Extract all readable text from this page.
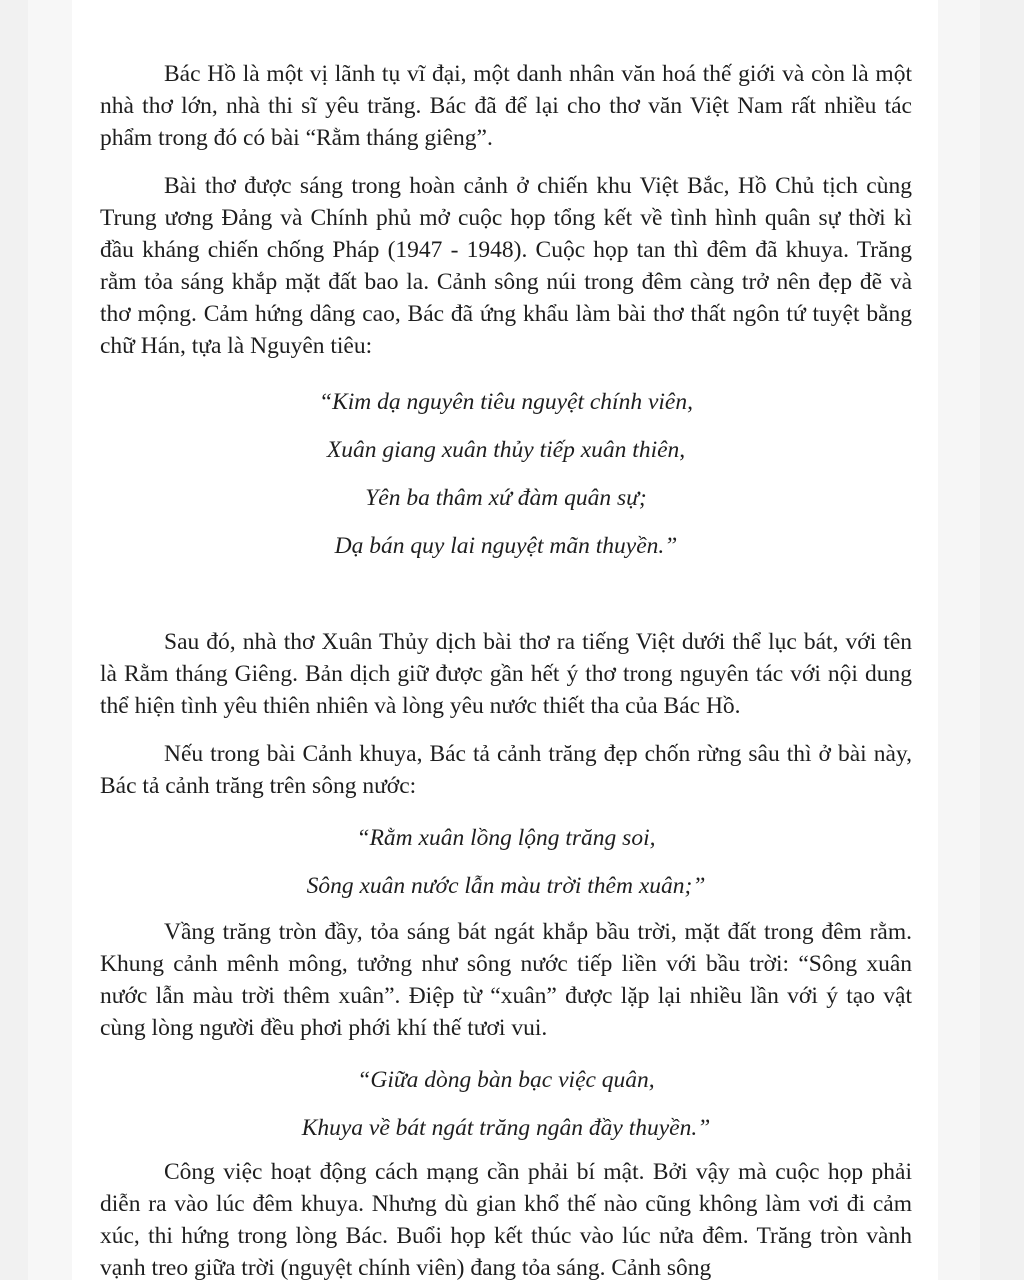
Bác Hồ là một vị lãnh tụ vĩ đại, một danh nhân văn hoá thế giới và còn là một nhà thơ lớn, nhà thi sĩ yêu trăng. Bác đã để lại cho thơ văn Việt Nam rất nhiều tác phẩm trong đó có bài “Rằm tháng giêng”.

Bài thơ được sáng trong hoàn cảnh ở chiến khu Việt Bắc, Hồ Chủ tịch cùng Trung ương Đảng và Chính phủ mở cuộc họp tổng kết về tình hình quân sự thời kì đầu kháng chiến chống Pháp (1947 - 1948). Cuộc họp tan thì đêm đã khuya. Trăng rằm tỏa sáng khắp mặt đất bao la. Cảnh sông núi trong đêm càng trở nên đẹp đẽ và thơ mộng. Cảm hứng dâng cao, Bác đã ứng khẩu làm bài thơ thất ngôn tứ tuyệt bằng chữ Hán, tựa là Nguyên tiêu:

“Kim dạ nguyên tiêu nguyệt chính viên,
Xuân giang xuân thủy tiếp xuân thiên,
Yên ba thâm xứ đàm quân sự;
Dạ bán quy lai nguyệt mãn thuyền.”

Sau đó, nhà thơ Xuân Thủy dịch bài thơ ra tiếng Việt dưới thể lục bát, với tên là Rằm tháng Giêng. Bản dịch giữ được gần hết ý thơ trong nguyên tác với nội dung thể hiện tình yêu thiên nhiên và lòng yêu nước thiết tha của Bác Hồ.

Nếu trong bài Cảnh khuya, Bác tả cảnh trăng đẹp chốn rừng sâu thì ở bài này, Bác tả cảnh trăng trên sông nước:

“Rằm xuân lồng lộng trăng soi,
Sông xuân nước lẫn màu trời thêm xuân;”

Vầng trăng tròn đầy, tỏa sáng bát ngát khắp bầu trời, mặt đất trong đêm rằm. Khung cảnh mênh mông, tưởng như sông nước tiếp liền với bầu trời: “Sông xuân nước lẫn màu trời thêm xuân”. Điệp từ “xuân” được lặp lại nhiều lần với ý tạo vật cùng lòng người đều phơi phới khí thế tươi vui.

“Giữa dòng bàn bạc việc quân,
Khuya về bát ngát trăng ngân đầy thuyền.”

Công việc hoạt động cách mạng cần phải bí mật. Bởi vậy mà cuộc họp phải diễn ra vào lúc đêm khuya. Nhưng dù gian khổ thế nào cũng không làm vơi đi cảm xúc, thi hứng trong lòng Bác. Buổi họp kết thúc vào lúc nửa đêm. Trăng tròn vành vạnh treo giữa trời (nguyệt chính viên) đang tỏa sáng. Cảnh sông
